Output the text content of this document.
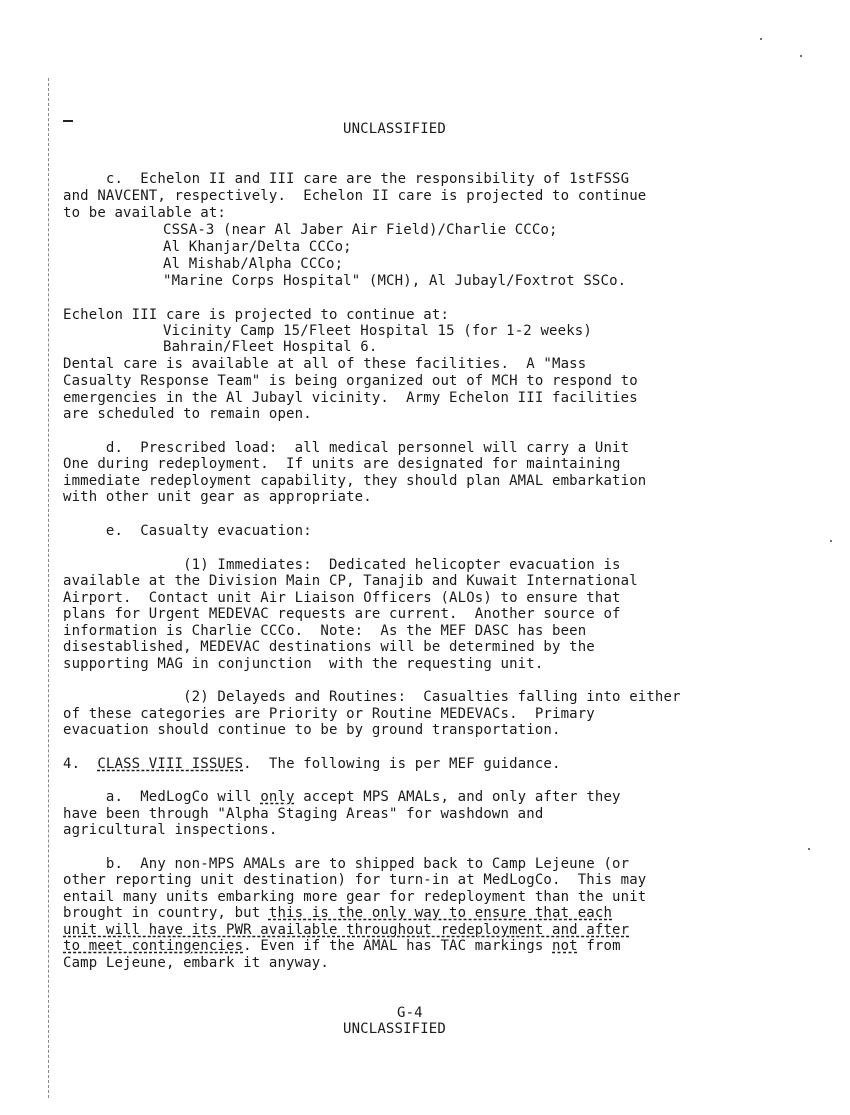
UNCLASSIFIED
c.  Echelon II and III care are the responsibility of 1stFSSG
and NAVCENT, respectively.  Echelon II care is projected to continue
to be available at:
CSSA-3 (near Al Jaber Air Field)/Charlie CCCo;
Al Khanjar/Delta CCCo;
Al Mishab/Alpha CCCo;
"Marine Corps Hospital" (MCH), Al Jubayl/Foxtrot SSCo.
Echelon III care is projected to continue at:
Vicinity Camp 15/Fleet Hospital 15 (for 1-2 weeks)
Bahrain/Fleet Hospital 6.
Dental care is available at all of these facilities.  A "Mass
Casualty Response Team" is being organized out of MCH to respond to
emergencies in the Al Jubayl vicinity.  Army Echelon III facilities
are scheduled to remain open.
d.  Prescribed load:  all medical personnel will carry a Unit
One during redeployment.  If units are designated for maintaining
immediate redeployment capability, they should plan AMAL embarkation
with other unit gear as appropriate.
e.  Casualty evacuation:
(1) Immediates:  Dedicated helicopter evacuation is
available at the Division Main CP, Tanajib and Kuwait International
Airport.  Contact unit Air Liaison Officers (ALOs) to ensure that
plans for Urgent MEDEVAC requests are current.  Another source of
information is Charlie CCCo.  Note:  As the MEF DASC has been
disestablished, MEDEVAC destinations will be determined by the
supporting MAG in conjunction  with the requesting unit.
(2) Delayeds and Routines:  Casualties falling into either
of these categories are Priority or Routine MEDEVACs.  Primary
evacuation should continue to be by ground transportation.
4.  CLASS VIII ISSUES.  The following is per MEF guidance.
a.  MedLogCo will only accept MPS AMALs, and only after they
have been through "Alpha Staging Areas" for washdown and
agricultural inspections.
b.  Any non-MPS AMALs are to shipped back to Camp Lejeune (or
other reporting unit destination) for turn-in at MedLogCo.  This may
entail many units embarking more gear for redeployment than the unit
brought in country, but this is the only way to ensure that each
unit will have its PWR available throughout redeployment and after
to meet contingencies. Even if the AMAL has TAC markings not from
Camp Lejeune, embark it anyway.
G-4
UNCLASSIFIED
